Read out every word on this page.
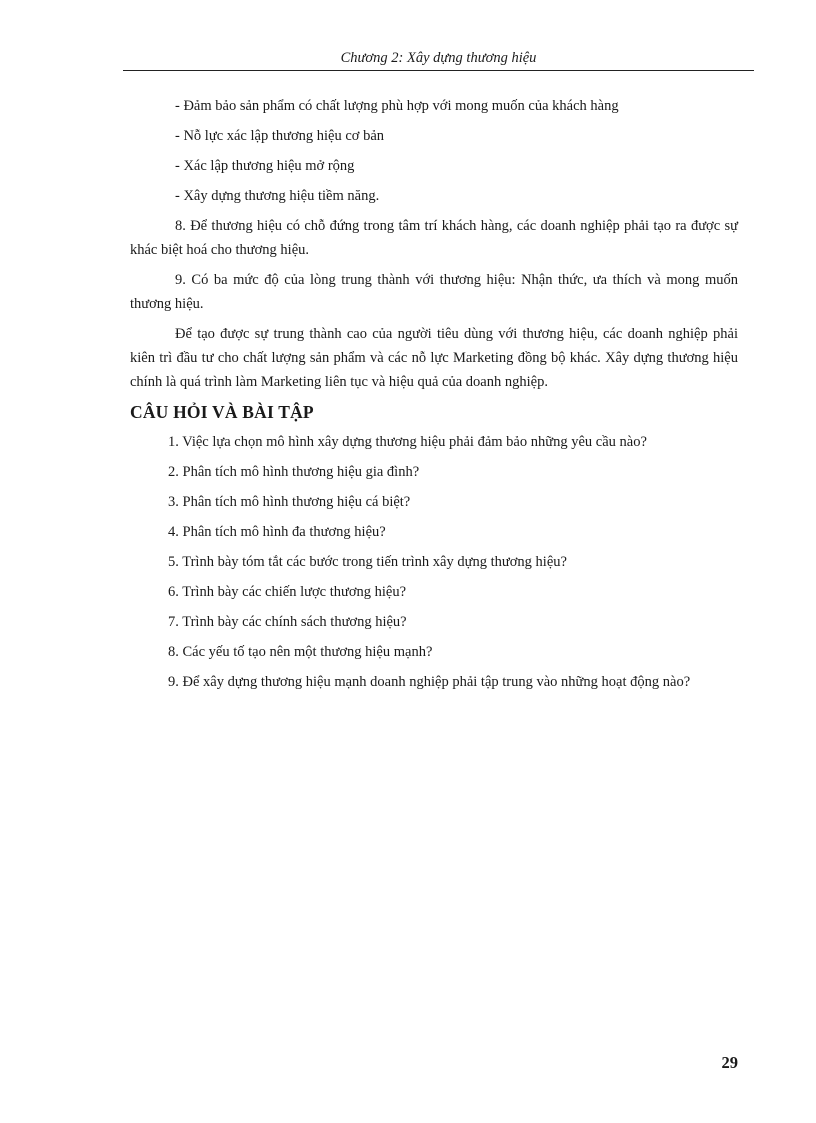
Chương 2: Xây dựng thương hiệu

- Đảm bảo sản phẩm có chất lượng phù hợp với mong muốn của khách hàng

- Nỗ lực xác lập thương hiệu cơ bản

- Xác lập thương hiệu mở rộng

- Xây dựng thương hiệu tiềm năng.

8. Để thương hiệu có chỗ đứng trong tâm trí khách hàng, các doanh nghiệp phải tạo ra được sự khác biệt hoá cho thương hiệu.

9. Có ba mức độ của lòng trung thành với thương hiệu: Nhận thức, ưa thích và mong muốn thương hiệu.

Để tạo được sự trung thành cao của người tiêu dùng với thương hiệu, các doanh nghiệp phải kiên trì đầu tư cho chất lượng sản phẩm và các nỗ lực Marketing đồng bộ khác. Xây dựng thương hiệu chính là quá trình làm Marketing liên tục và hiệu quả của doanh nghiệp.

CÂU HỎI VÀ BÀI TẬP

1. Việc lựa chọn mô hình xây dựng thương hiệu phải đảm bảo những yêu cầu nào?

2. Phân tích mô hình thương hiệu gia đình?

3. Phân tích mô hình thương hiệu cá biệt?

4. Phân tích mô hình đa thương hiệu?

5. Trình bày tóm tắt các bước trong tiến trình xây dựng thương hiệu?

6. Trình bày các chiến lược thương hiệu?

7. Trình bày các chính sách thương hiệu?

8. Các yếu tố tạo nên một thương hiệu mạnh?

9. Để xây dựng thương hiệu mạnh doanh nghiệp phải tập trung vào những hoạt động nào?

29
